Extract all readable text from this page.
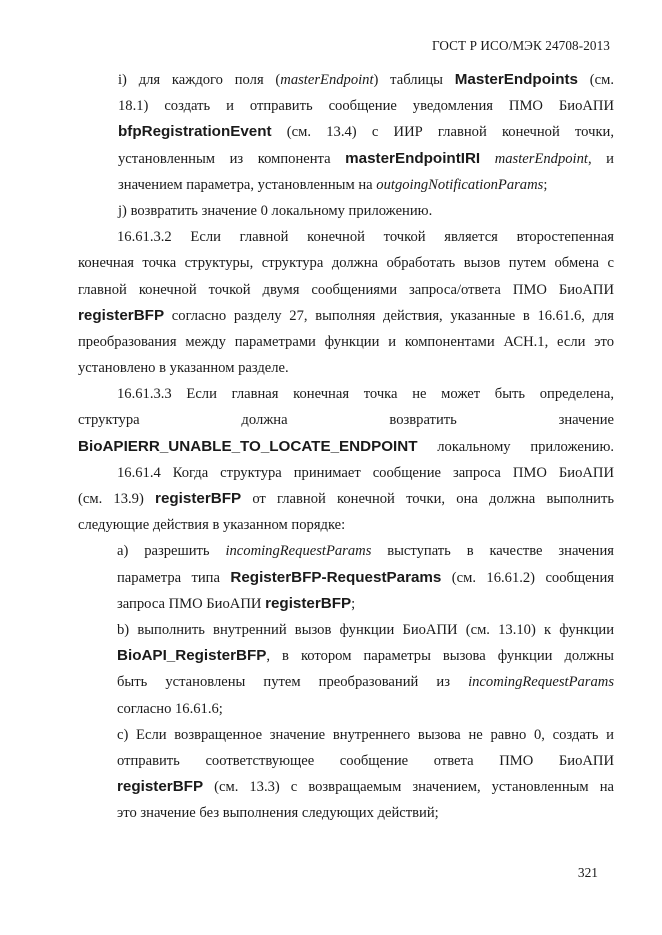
ГОСТ Р ИСО/МЭК 24708-2013
i) для каждого поля (masterEndpoint) таблицы MasterEndpoints (см.
18.1) создать и отправить сообщение уведомления ПМО БиоАПИ
bfpRegistrationEvent (см. 13.4) с ИИР главной конечной точки,
установленным из компонента masterEndpointIRI masterEndpoint, и
значением параметра, установленным на outgoingNotificationParams;
j) возвратить значение 0 локальному приложению.
16.61.3.2 Если главной конечной точкой является второстепенная
конечная точка структуры, структура должна обработать вызов путем обмена с
главной конечной точкой двумя сообщениями запроса/ответа ПМО БиоАПИ
registerBFP согласно разделу 27, выполняя действия, указанные в 16.61.6, для
преобразования между параметрами функции и компонентами АСН.1, если это
установлено в указанном разделе.
16.61.3.3 Если главная конечная точка не может быть определена,
структура должна возвратить значение
BioAPIERR_UNABLE_TO_LOCATE_ENDPOINT локальному приложению.
16.61.4 Когда структура принимает сообщение запроса ПМО БиоАПИ
(см. 13.9) registerBFP от главной конечной точки, она должна выполнить
следующие действия в указанном порядке:
a) разрешить incomingRequestParams выступать в качестве значения
параметра типа RegisterBFP-RequestParams (см. 16.61.2) сообщения
запроса ПМО БиоАПИ registerBFP;
b) выполнить внутренний вызов функции БиоАПИ (см. 13.10) к функции
BioAPI_RegisterBFP, в котором параметры вызова функции должны
быть установлены путем преобразований из incomingRequestParams
согласно 16.61.6;
c) Если возвращенное значение внутреннего вызова не равно 0, создать и
отправить соответствующее сообщение ответа ПМО БиоАПИ
registerBFP (см. 13.3) с возвращаемым значением, установленным на
это значение без выполнения следующих действий;
321
